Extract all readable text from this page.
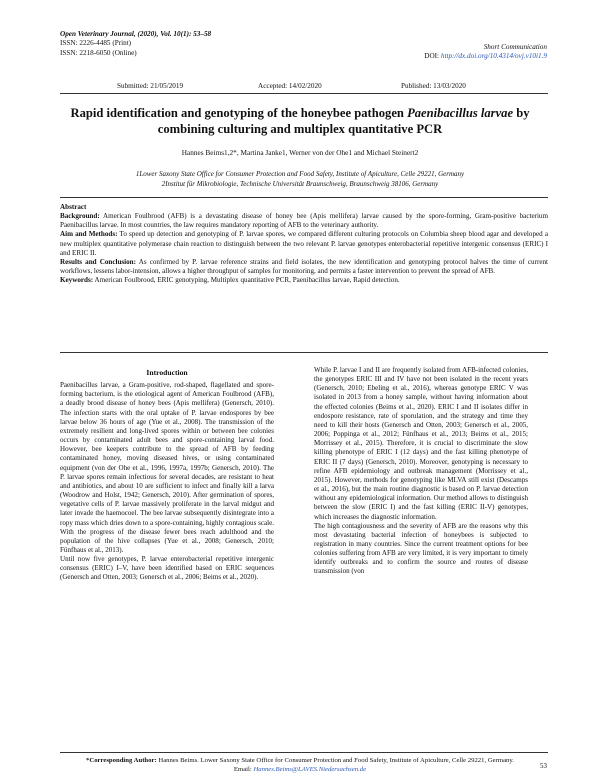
Open Veterinary Journal, (2020), Vol. 10(1): 53–58
ISSN: 2226-4485 (Print)
ISSN: 2218-6050 (Online)
Short Communication
DOI: http://dx.doi.org/10.4314/ovj.v10i1.9
Submitted: 21/05/2019	Accepted: 14/02/2020	Published: 13/03/2020
Rapid identification and genotyping of the honeybee pathogen Paenibacillus larvae by combining culturing and multiplex quantitative PCR
Hannes Beims1,2*, Martina Janke1, Werner von der Ohe1 and Michael Steinert2
1Lower Saxony State Office for Consumer Protection and Food Safety, Institute of Apiculture, Celle 29221, Germany
2Institut für Mikrobiologie, Technische Universität Braunschweig, Braunschweig 38106, Germany

Abstract

Background: American Foulbrood (AFB) is a devastating disease of honey bee (Apis mellifera) larvae caused by the spore-forming, Gram-positive bacterium Paenibacillus larvae. In most countries, the law requires mandatory reporting of AFB to the veterinary authority.

Aim and Methods: To speed up detection and genotyping of P. larvae spores, we compared different culturing protocols on Columbia sheep blood agar and developed a new multiplex quantitative polymerase chain reaction to distinguish between the two relevant P. larvae genotypes enterobacterial repetitive intergenic consensus (ERIC) I and ERIC II.

Results and Conclusion: As confirmed by P. larvae reference strains and field isolates, the new identification and genotyping protocol halves the time of current workflows, lessens labor-intension, allows a higher throughput of samples for monitoring, and permits a faster intervention to prevent the spread of AFB.

Keywords: American Foulbrood, ERIC genotyping, Multiplex quantitative PCR, Paenibacillus larvae, Rapid detection.

Introduction

Paenibacillus larvae, a Gram-positive, rod-shaped, flagellated and spore-forming bacterium, is the etiological agent of American Foulbrood (AFB), a deadly brood disease of honey bees (Apis mellifera) (Genersch, 2010). The infection starts with the oral uptake of P. larvae endospores by bee larvae below 36 hours of age (Yue et al., 2008). The transmission of the extremely resilient and long-lived spores within or between bee colonies occurs by contaminated adult bees and spore-containing larval food. However, bee keepers contribute to the spread of AFB by feeding contaminated honey, moving diseased hives, or using contaminated equipment (von der Ohe et al., 1996, 1997a, 1997b; Genersch, 2010). The P. larvae spores remain infectious for several decades, are resistant to heat and antibiotics, and about 10 are sufficient to infect and finally kill a larva (Woodrow and Holst, 1942; Genersch, 2010). After germination of spores, vegetative cells of P. larvae massively proliferate in the larval midgut and later invade the haemocoel. The bee larvae subsequently disintegrate into a ropy mass which dries down to a spore-containing, highly contagious scale. With the progress of the disease fewer bees reach adulthood and the population of the hive collapses (Yue et al., 2008; Genersch, 2010; Fünfhaus et al., 2013).

Until now five genotypes, P. larvae enterobacterial repetitive intergenic consensus (ERIC) I–V, have been identified based on ERIC sequences (Genersch and Otten, 2003; Genersch et al., 2006; Beims et al., 2020).

While P. larvae I and II are frequently isolated from AFB-infected colonies, the genotypes ERIC III and IV have not been isolated in the recent years (Genersch, 2010; Ebeling et al., 2016), whereas genotype ERIC V was isolated in 2013 from a honey sample, without having information about the effected colonies (Beims et al., 2020). ERIC I and II isolates differ in endospore resistance, rate of sporulation, and the strategy and time they need to kill their hosts (Genersch and Otten, 2003; Genersch et al., 2005, 2006; Poppinga et al., 2012; Fünfhaus et al., 2013; Beims et al., 2015; Morrissey et al., 2015). Therefore, it is crucial to discriminate the slow killing phenotype of ERIC I (12 days) and the fast killing phenotype of ERIC II (7 days) (Genersch, 2010). Moreover, genotyping is necessary to refine AFB epidemiology and outbreak management (Morrissey et al., 2015). However, methods for genotyping like MLVA still exist (Descamps et al., 2016), but the main routine diagnostic is based on P. larvae detection without any epidemiological information. Our method allows to distinguish between the slow (ERIC I) and the fast killing (ERIC II-V) genotypes, which increases the diagnostic information.

The high contagiousness and the severity of AFB are the reasons why this most devastating bacterial infection of honeybees is subjected to registration in many countries. Since the current treatment options for bee colonies suffering from AFB are very limited, it is very important to timely identify outbreaks and to confirm the source and routes of disease transmission (von

*Corresponding Author: Hannes Beims. Lower Saxony State Office for Consumer Protection and Food Safety, Institute of Apiculture, Celle 29221, Germany. Email: Hannes.Beims@LAVES.Niedersachsen.de	53
